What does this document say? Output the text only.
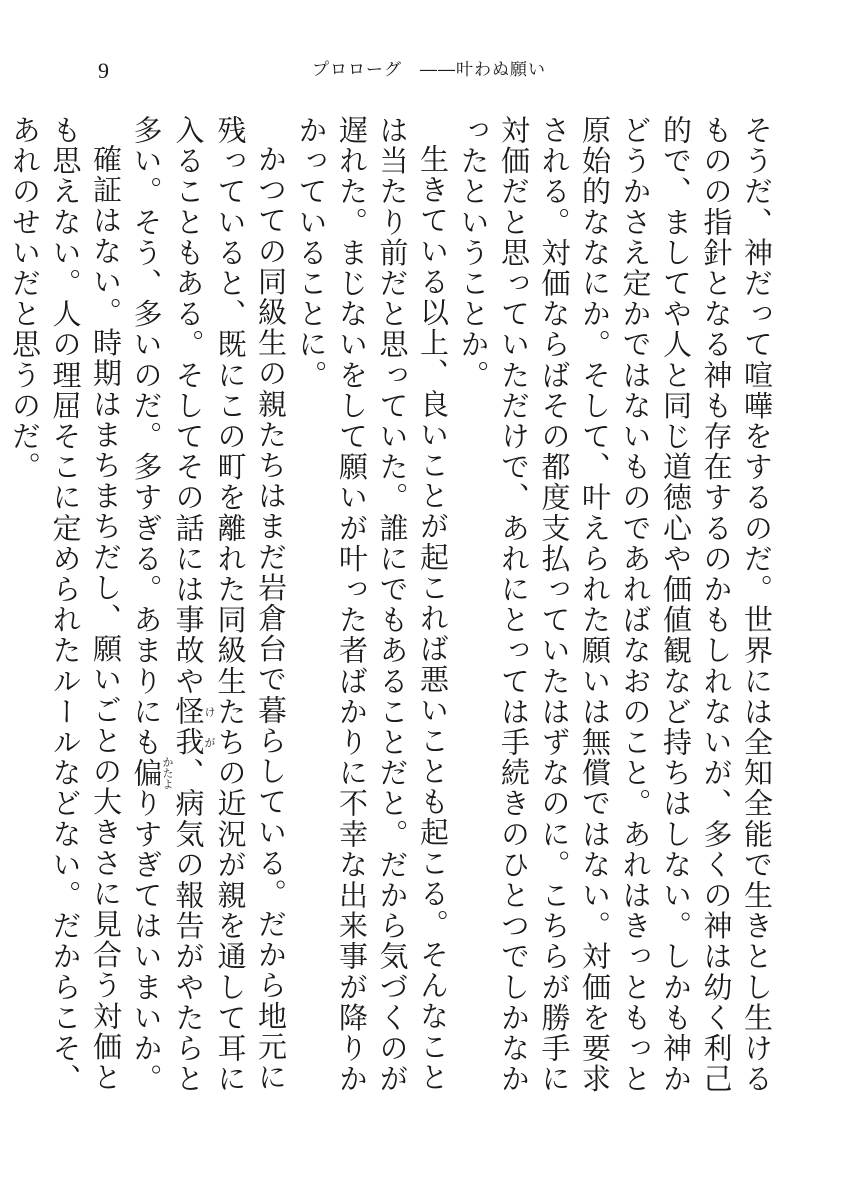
9	プロローグ　――叶わぬ願い

そうだ、神だって喧嘩をするのだ。世界には全知全能で生きとし生けるものの指針となる神も存在するのかもしれないが、多くの神は幼く利己的で、ましてや人と同じ道徳心や価値観など持ちはしない。しかも神かどうかさえ定かではないものであればなおのこと。あれはきっともっと原始的ななにか。そして、叶えられた願いは無償ではない。対価を要求される。対価ならばその都度支払っていたはずなのに。こちらが勝手に対価だと思っていただけで、あれにとっては手続きのひとつでしかなかったということか。

生きている以上、良いことが起これば悪いことも起こる。そんなことは当たり前だと思っていた。誰にでもあることだと。だから気づくのが遅れた。まじないをして願いが叶った者ばかりに不幸な出来事が降りかかっていることに。

かつての同級生の親たちはまだ岩倉台で暮らしている。だから地元に残っていると、既にこの町を離れた同級生たちの近況が親を通して耳に入ることもある。そしてその話には事故や怪我けが、病気の報告がやたらと多い。そう、多いのだ。多すぎる。あまりにも偏かたよりすぎてはいまいか。

確証はない。時期はまちまちだし、願いごとの大きさに見合う対価とも思えない。人の理屈そこに定められたルールなどない。だからこそ、あれのせいだと思うのだ。
